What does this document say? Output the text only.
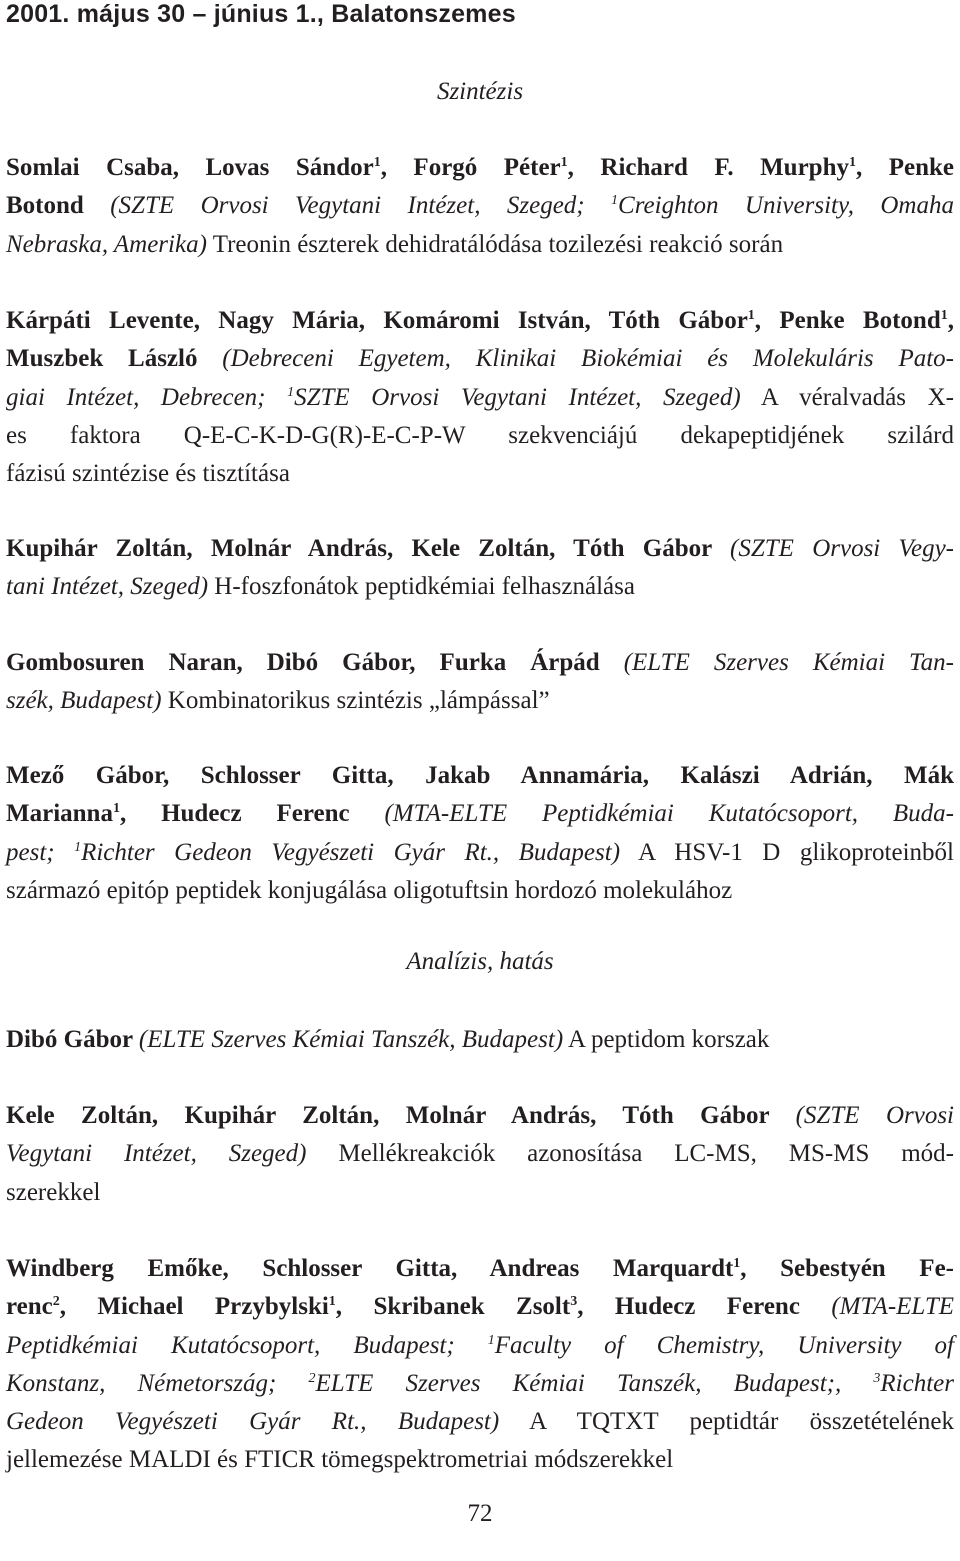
2001. május 30 – június 1., Balatonszemes
Szintézis
Somlai Csaba, Lovas Sándor$^1$, Forgó Péter$^1$, Richard F. Murphy$^1$, Penke
Botond (SZTE Orvosi Vegytani Intézet, Szeged; $^1$Creighton University, Omaha
Nebraska, Amerika) Treonin észterek dehidratálódása tozilezési reakció során
Kárpáti Levente, Nagy Mária, Komáromi István, Tóth Gábor$^1$, Penke Botond$^1$,
Muszbek László (Debreceni Egyetem, Klinikai Biokémiai és Molekuláris Pato-
giai Intézet, Debrecen; $^1$SZTE Orvosi Vegytani Intézet, Szeged) A véralvadás X-
es faktora Q-E-C-K-D-G(R)-E-C-P-W szekvenciájú dekapeptidjének szilárd
fázisú szintézise és tisztítása
Kupihár Zoltán, Molnár András, Kele Zoltán, Tóth Gábor (SZTE Orvosi Vegy-
tani Intézet, Szeged) H-foszfonátok peptidkémiai felhasználása
Gombosuren Naran, Dibó Gábor, Furka Árpád (ELTE Szerves Kémiai Tan-
szék, Budapest) Kombinatorikus szintézis „lámpással”
Mező Gábor, Schlosser Gitta, Jakab Annamária, Kalászi Adrián, Mák
Marianna$^1$, Hudecz Ferenc (MTA-ELTE Peptidkémiai Kutatócsoport, Buda-
pest; $^1$Richter Gedeon Vegyészeti Gyár Rt., Budapest) A HSV-1 D glikoproteinből
származó epitóp peptidek konjugálása oligotuftsin hordozó molekulához
Analízis, hatás
Dibó Gábor (ELTE Szerves Kémiai Tanszék, Budapest) A peptidom korszak
Kele Zoltán, Kupihár Zoltán, Molnár András, Tóth Gábor (SZTE Orvosi
Vegytani Intézet, Szeged) Mellékreakciók azonosítása LC-MS, MS-MS mód-
szerekkel
Windberg Emőke, Schlosser Gitta, Andreas Marquardt$^1$, Sebestyén Fe-
renc$^2$, Michael Przybylski$^1$, Skribanek Zsolt$^3$, Hudecz Ferenc (MTA-ELTE
Peptidkémiai Kutatócsoport, Budapest; $^1$Faculty of Chemistry, University of
Konstanz, Németország; $^2$ELTE Szerves Kémiai Tanszék, Budapest;, $^3$Richter
Gedeon Vegyészeti Gyár Rt., Budapest) A TQTXT peptidtár összetételének
jellemezése MALDI és FTICR tömegspektrometriai módszerekkel
72
